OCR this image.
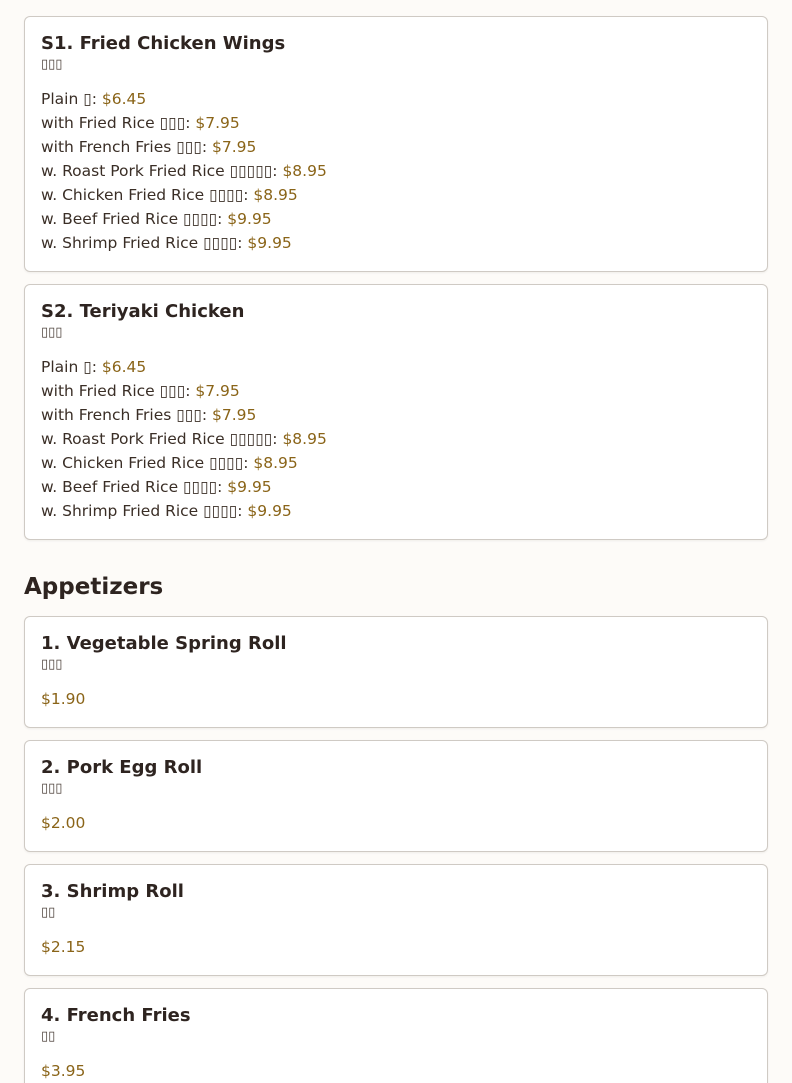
S1. Fried Chicken Wings
▯▯▯
Plain ▯: $6.45
with Fried Rice ▯▯▯: $7.95
with French Fries ▯▯▯: $7.95
w. Roast Pork Fried Rice ▯▯▯▯▯: $8.95
w. Chicken Fried Rice ▯▯▯▯: $8.95
w. Beef Fried Rice ▯▯▯▯: $9.95
w. Shrimp Fried Rice ▯▯▯▯: $9.95
S2. Teriyaki Chicken
▯▯▯
Plain ▯: $6.45
with Fried Rice ▯▯▯: $7.95
with French Fries ▯▯▯: $7.95
w. Roast Pork Fried Rice ▯▯▯▯▯: $8.95
w. Chicken Fried Rice ▯▯▯▯: $8.95
w. Beef Fried Rice ▯▯▯▯: $9.95
w. Shrimp Fried Rice ▯▯▯▯: $9.95
Appetizers
1. Vegetable Spring Roll
▯▯▯
$1.90
2. Pork Egg Roll
▯▯▯
$2.00
3. Shrimp Roll
▯▯
$2.15
4. French Fries
▯▯
$3.95
